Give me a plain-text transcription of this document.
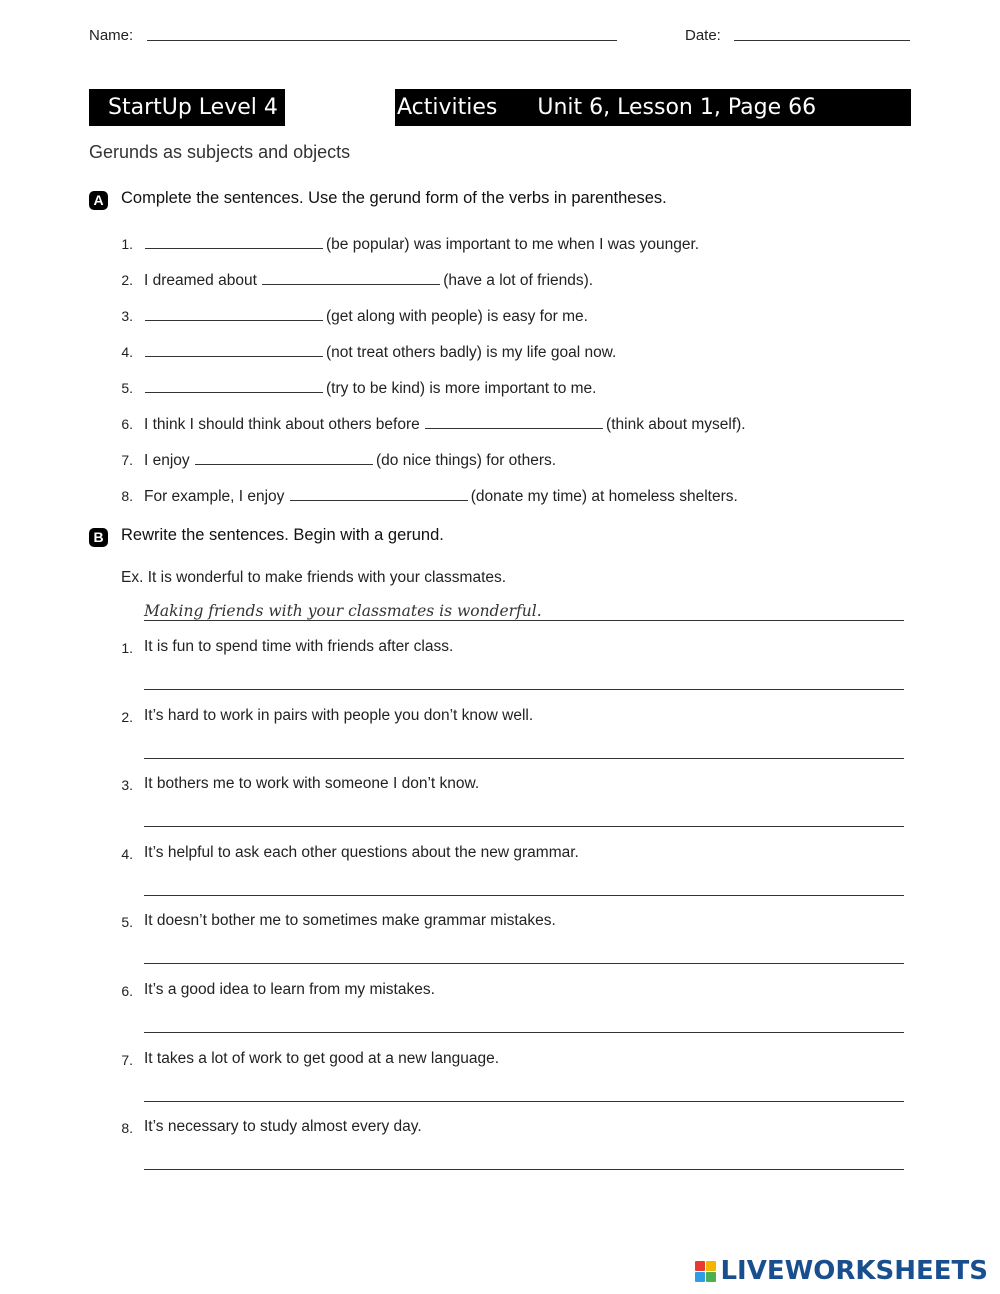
Name:	Date:
StartUp Level 4	Activities Unit 6, Lesson 1, Page 66
Gerunds as subjects and objects
A Complete the sentences. Use the gerund form of the verbs in parentheses.
1.	(be popular) was important to me when I was younger.
2. I dreamed about	(have a lot of friends).
3.	(get along with people) is easy for me.
4.	(not treat others badly) is my life goal now.
5.	(try to be kind) is more important to me.
6. I think I should think about others before	(think about myself).
7. I enjoy	(do nice things) for others.
8. For example, I enjoy	(donate my time) at homeless shelters.
B Rewrite the sentences. Begin with a gerund.
Ex. It is wonderful to make friends with your classmates.
Making friends with your classmates is wonderful.
1. It is fun to spend time with friends after class.
2. It’s hard to work in pairs with people you don’t know well.
3. It bothers me to work with someone I don’t know.
4. It’s helpful to ask each other questions about the new grammar.
5. It doesn’t bother me to sometimes make grammar mistakes.
6. It’s a good idea to learn from my mistakes.
7. It takes a lot of work to get good at a new language.
8. It’s necessary to study almost every day.
LIVEWORKSHEETS
